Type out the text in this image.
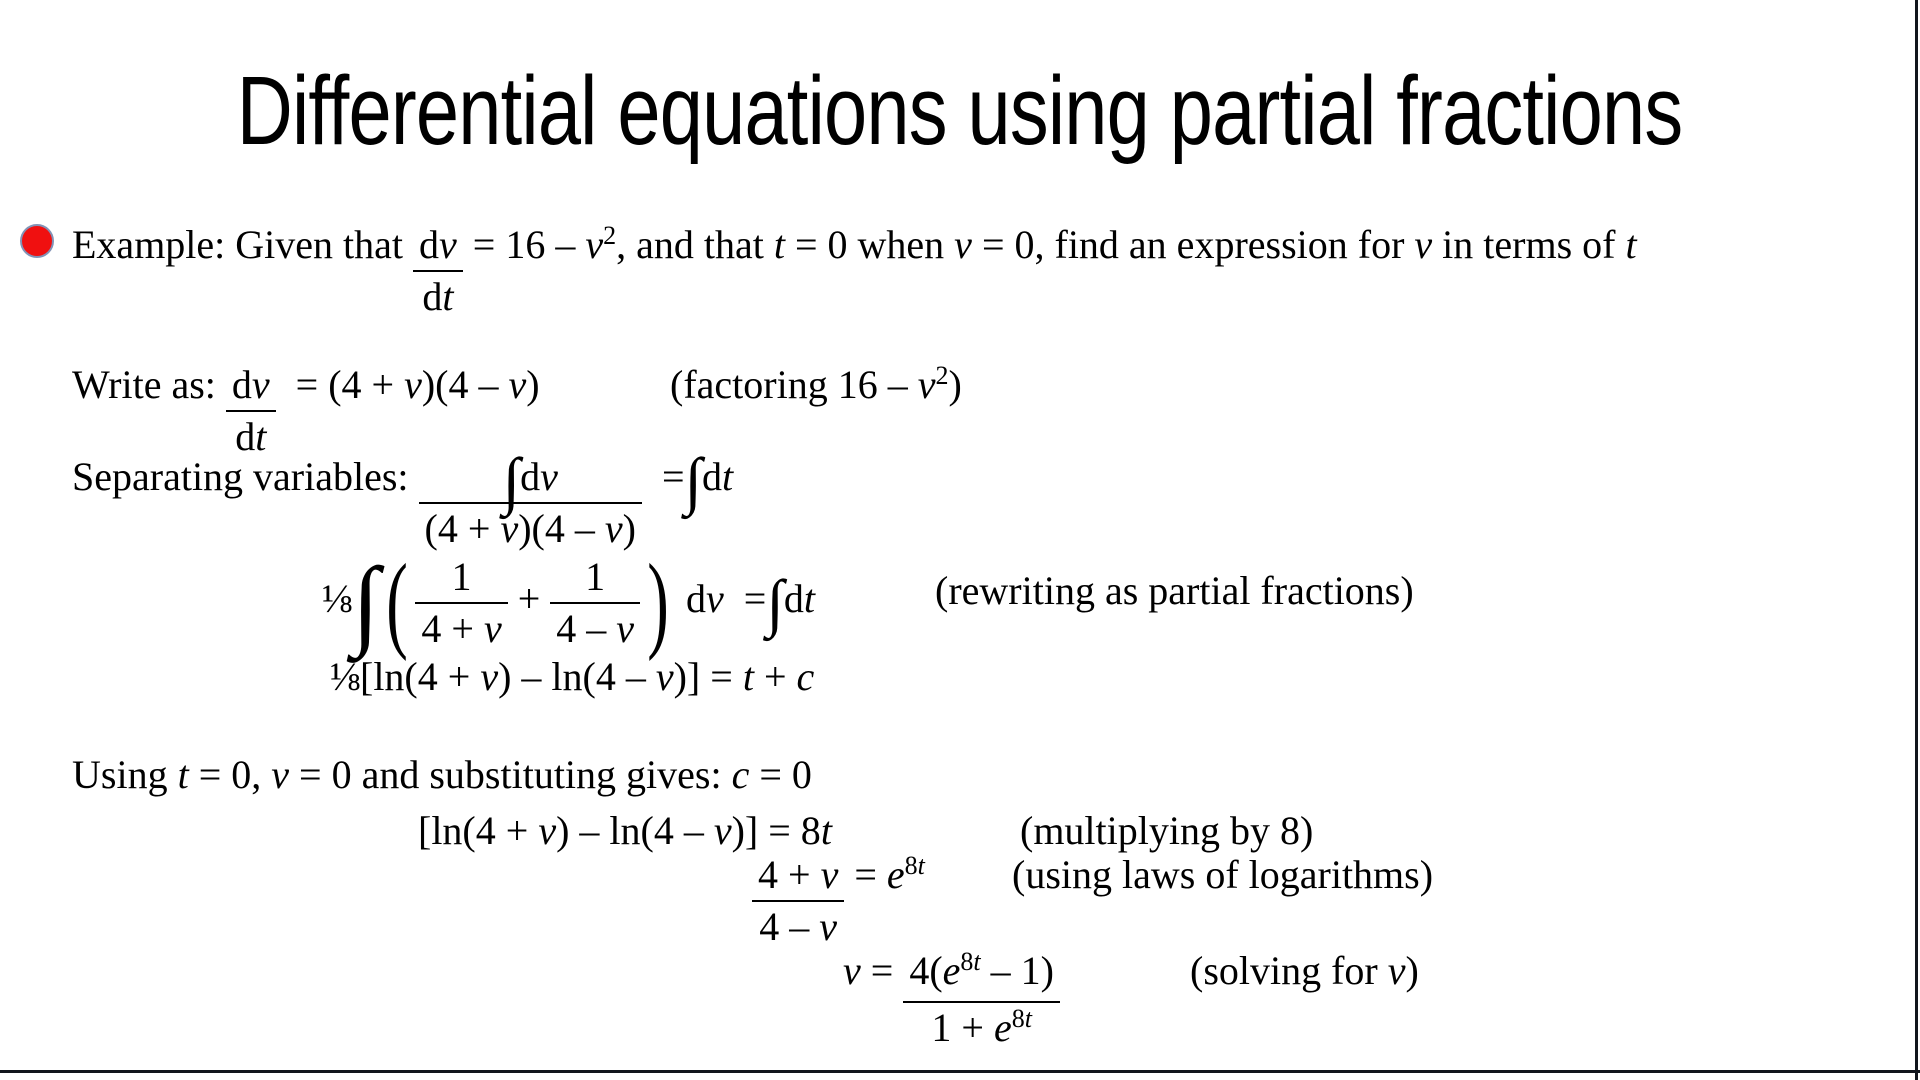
Differential equations using partial fractions
Example: Given that $\frac{dv}{dt} = 16 - v^2$, and that t = 0 when v = 0, find an expression for v in terms of t
Write as: $\frac{dv}{dt} = (4 + v)(4 - v)$	(factoring $16 - v^2$)
Separating variables: $\frac{\int dv}{(4 + v)(4 - v)} =\int dt$
⅛∫( $\frac{1}{4 + v} + \frac{1}{4 - v}$ ) dv  =∫dt	(rewriting as partial fractions)
⅛[ln(4 + v) – ln(4 – v)] = t + c
Using t = 0, v = 0 and substituting gives: c = 0
[ln(4 + v) – ln(4 – v)] = 8t	(multiplying by 8)
$\frac{4 + v}{4 - v} = e^{8t}$ (using laws of logarithms)
$v = \frac{4(e^{8t} - 1)}{1 + e^{8t}}$	(solving for v)
